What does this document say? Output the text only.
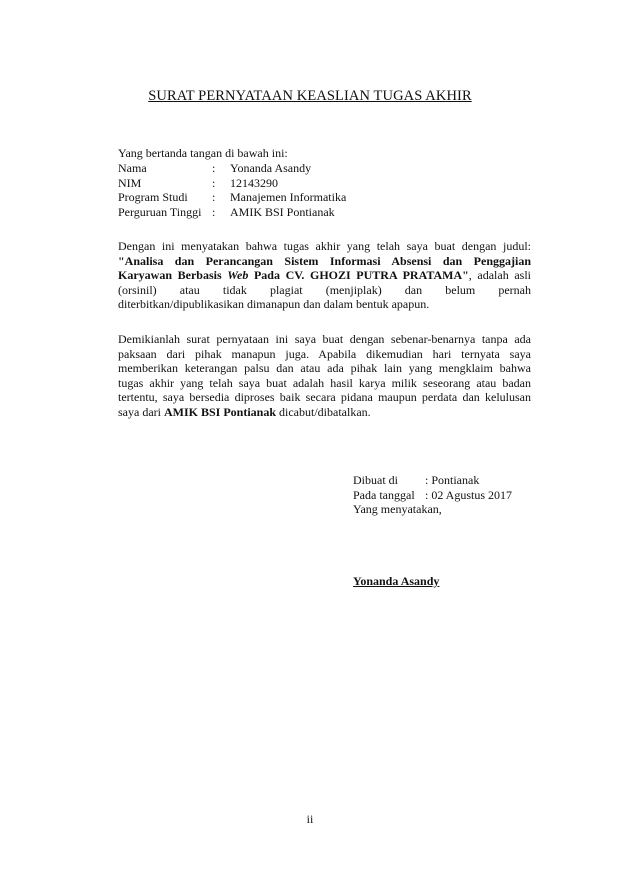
SURAT PERNYATAAN KEASLIAN TUGAS AKHIR
Yang bertanda tangan di bawah ini:
Nama	:	Yonanda Asandy
NIM	:	12143290
Program Studi	:	Manajemen Informatika
Perguruan Tinggi	:	AMIK BSI Pontianak
Dengan ini menyatakan bahwa tugas akhir yang telah saya buat dengan judul:
"Analisa dan Perancangan Sistem Informasi Absensi dan Penggajian
Karyawan Berbasis Web Pada CV. GHOZI PUTRA PRATAMA", adalah asli
(orsinil) atau tidak plagiat (menjiplak) dan belum pernah
diterbitkan/dipublikasikan dimanapun dan dalam bentuk apapun.
Demikianlah surat pernyataan ini saya buat dengan sebenar-benarnya tanpa ada
paksaan dari pihak manapun juga. Apabila dikemudian hari ternyata saya
memberikan keterangan palsu dan atau ada pihak lain yang mengklaim bahwa
tugas akhir yang telah saya buat adalah hasil karya milik seseorang atau badan
tertentu, saya bersedia diproses baik secara pidana maupun perdata dan kelulusan
saya dari AMIK BSI Pontianak dicabut/dibatalkan.
Dibuat di	: Pontianak
Pada tanggal	: 02 Agustus 2017
Yang menyatakan,
Yonanda Asandy
ii
